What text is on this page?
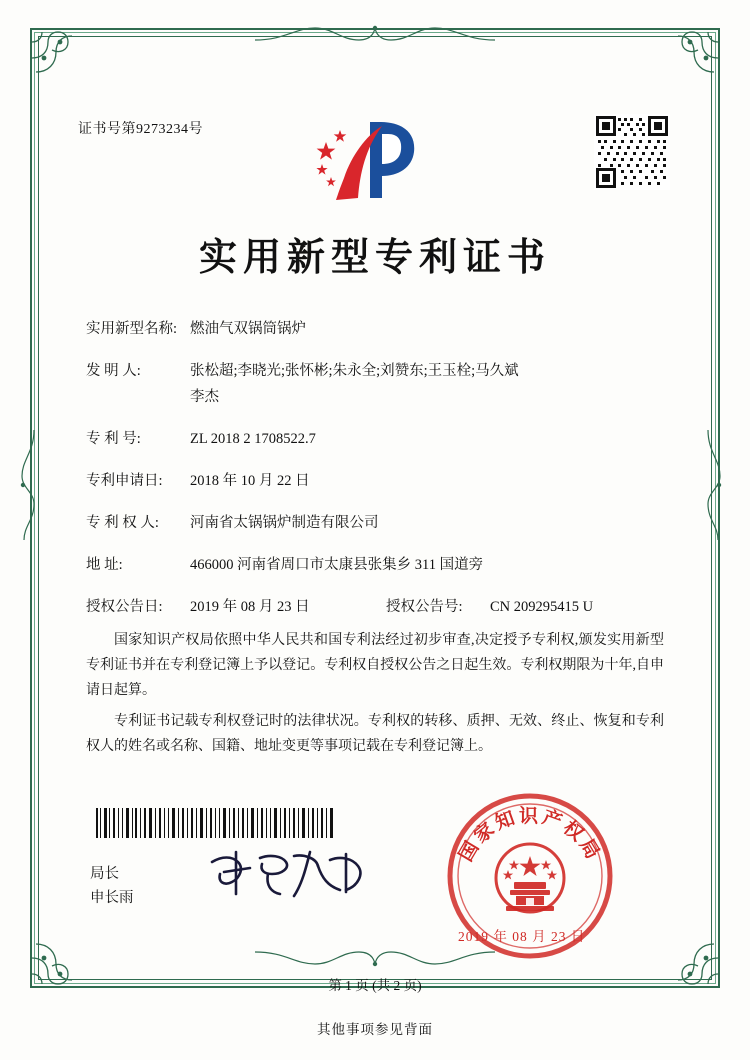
证书号第9273234号
实用新型专利证书
实用新型名称: 燃油气双锅筒锅炉
发 明 人:	张松超;李晓光;张怀彬;朱永全;刘赞东;王玉栓;马久斌
李杰
专 利 号:	ZL 2018 2 1708522.7
专利申请日:	2018 年 10 月 22 日
专 利 权 人:	河南省太锅锅炉制造有限公司
地 址:	466000 河南省周口市太康县张集乡 311 国道旁
授权公告日:	2019 年 08 月 23 日	授权公告号:	CN 209295415 U

国家知识产权局依照中华人民共和国专利法经过初步审查,决定授予专利权,颁发实用新型专利证书并在专利登记簿上予以登记。专利权自授权公告之日起生效。专利权期限为十年,自申请日起算。

专利证书记载专利权登记时的法律状况。专利权的转移、质押、无效、终止、恢复和专利权人的姓名或名称、国籍、地址变更等事项记载在专利登记簿上。

局长
申长雨
国家知识产权局
2019 年 08 月 23 日
第 1 页 (共 2 页)
其他事项参见背面
